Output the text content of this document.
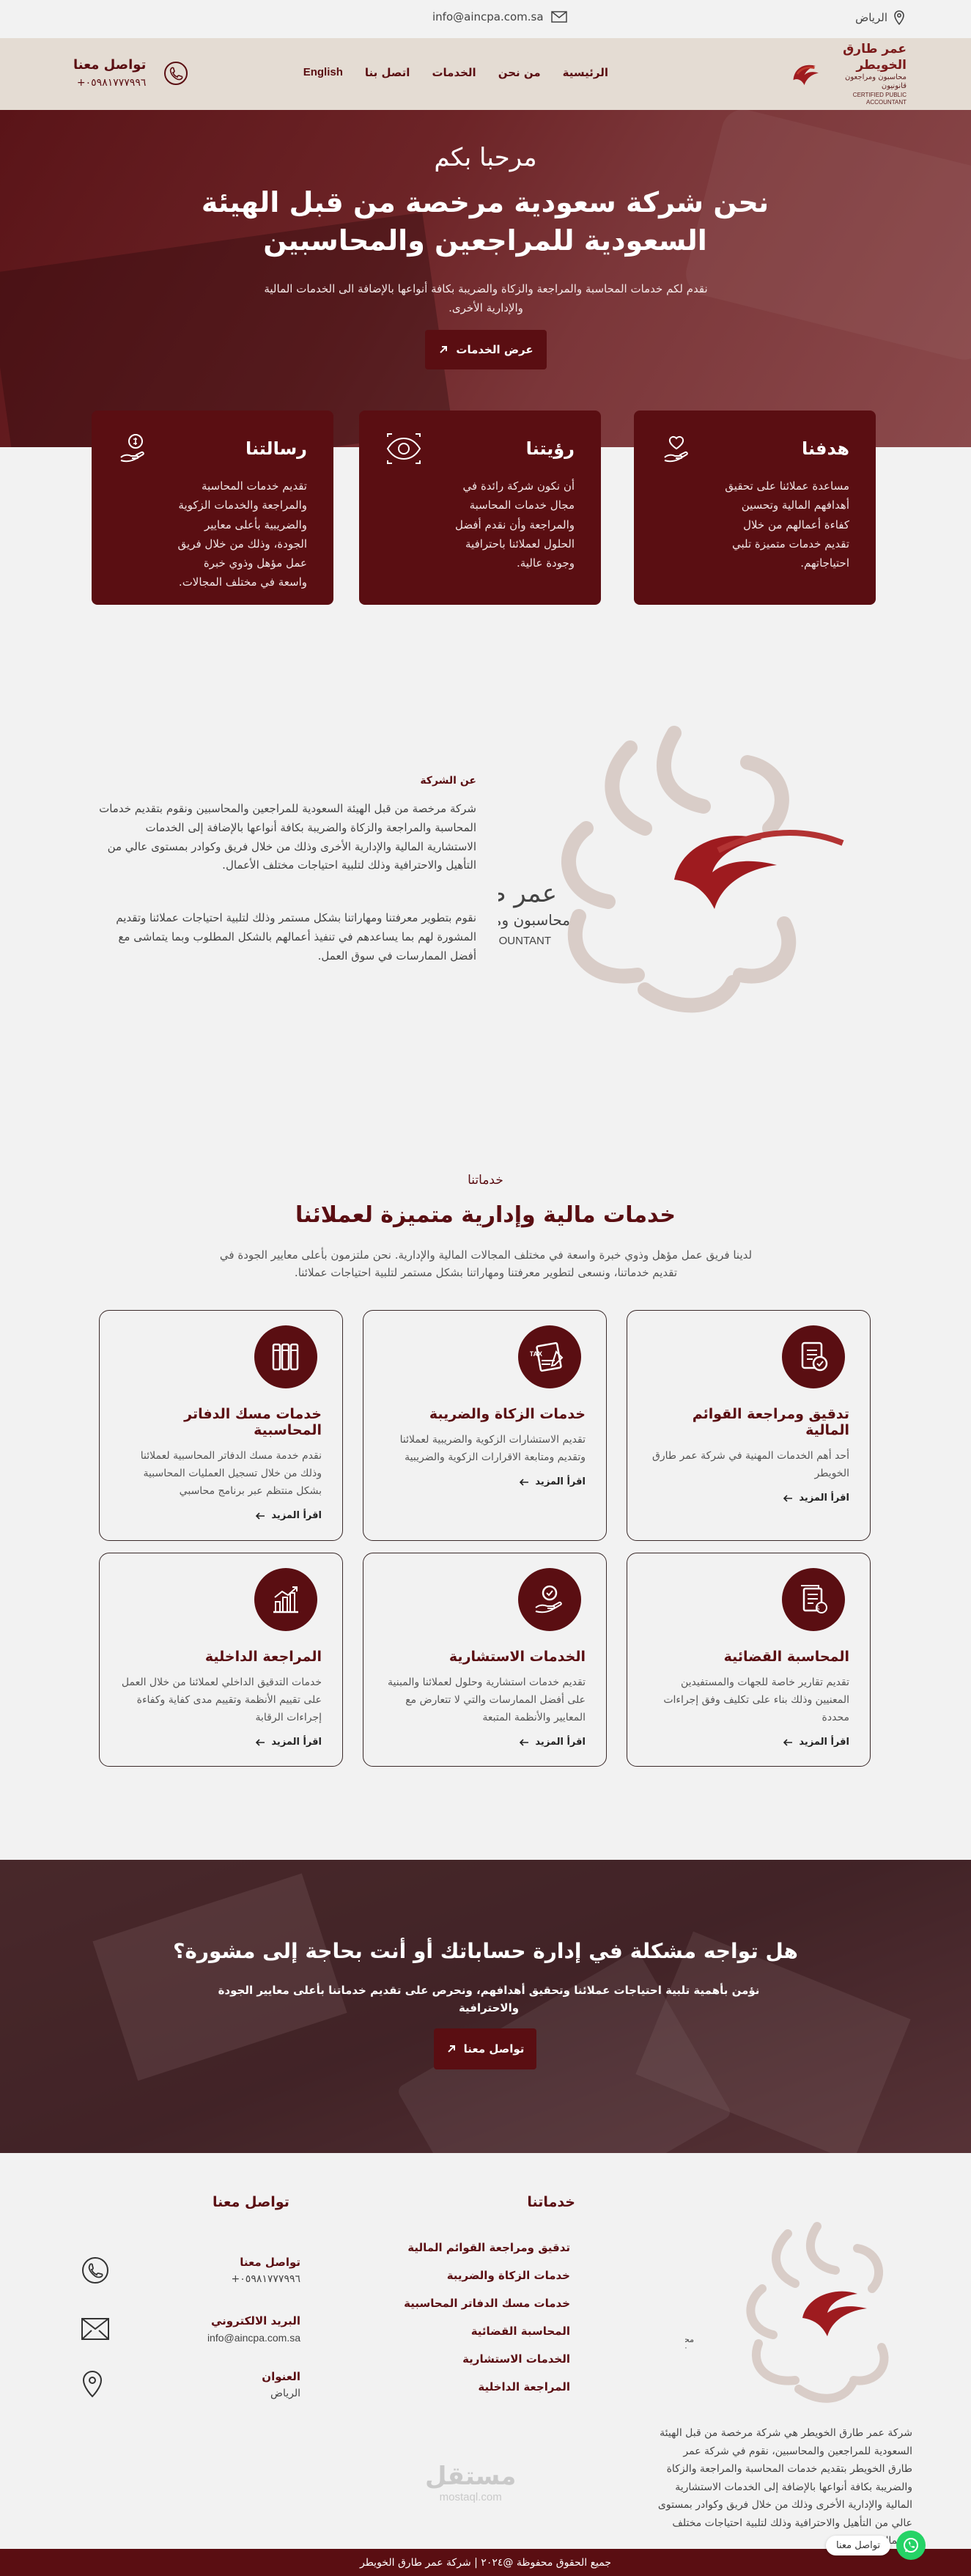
الرياض
info@aincpa.com.sa
عمر طارق الخويطر
محاسبون ومراجعون قانونيون
CERTIFIED PUBLIC ACCOUNTANT
الرئيسية
من نحن
الخدمات
اتصل بنا
English
تواصل معنا
٠٥٩٨١٧٧٧٩٩٦+
مرحبا بكم
نحن شركة سعودية مرخصة من قبل الهيئة السعودية للمراجعين والمحاسبين
نقدم لكم خدمات المحاسبة والمراجعة والزكاة والضريبة بكافة أنواعها بالإضافة الى الخدمات المالية والإدارية الأخرى.
عرض الخدمات
هدفنا

مساعدة عملائنا على تحقيق أهدافهم المالية وتحسين كفاءة أعمالهم من خلال تقديم خدمات متميزة تلبي احتياجاتهم.

رؤيتنا

أن نكون شركة رائدة في مجال خدمات المحاسبة والمراجعة وأن نقدم أفضل الحلول لعملائنا باحترافية وجودة عالية.

رسالتنا

تقديم خدمات المحاسبة والمراجعة والخدمات الزكوية والضريبية بأعلى معايير الجودة، وذلك من خلال فريق عمل مؤهل وذوي خبرة واسعة في مختلف المجالات.

عمر
محاسبون و
OUNTANT
عن الشركة

شركة مرخصة من قبل الهيئة السعودية للمراجعين والمحاسبين ونقوم بتقديم خدمات المحاسبة والمراجعة والزكاة والضريبة بكافة أنواعها بالإضافة إلى الخدمات الاستشارية المالية والإدارية الأخرى وذلك من خلال فريق وكوادر بمستوى عالي من التأهيل والاحترافية وذلك لتلبية احتياجات مختلف الأعمال.

نقوم بتطوير معرفتنا ومهاراتنا بشكل مستمر وذلك لتلبية احتياجات عملائنا وتقديم المشورة لهم بما يساعدهم في تنفيذ أعمالهم بالشكل المطلوب وبما يتماشى مع أفضل الممارسات في سوق العمل.

خدماتنا
خدمات مالية وإدارية متميزة لعملائنا
لدينا فريق عمل مؤهل وذوي خبرة واسعة في مختلف المجالات المالية والإدارية. نحن ملتزمون بأعلى معايير الجودة في تقديم خدماتنا، ونسعى لتطوير معرفتنا ومهاراتنا بشكل مستمر لتلبية احتياجات عملائنا.
تدقيق ومراجعة القوائم المالية

أحد أهم الخدمات المهنية في شركة عمر طارق الخويطر

اقرأ المزيد
TAX
خدمات الزكاة والضريبة

تقديم الاستشارات الزكوية والضريبية لعملائنا وتقديم ومتابعة الاقرارات الزكوية والضريبية

اقرأ المزيد
خدمات مسك الدفاتر المحاسبية

نقدم خدمة مسك الدفاتر المحاسبية لعملائنا وذلك من خلال تسجيل العمليات المحاسبية بشكل منتظم عبر برنامج محاسبي

اقرأ المزيد
$
المحاسبة القضائية

تقديم تقارير خاصة للجهات والمستفيدين المعنيين وذلك بناء على تكليف وفق إجراءات محددة

اقرأ المزيد
الخدمات الاستشارية

تقديم خدمات استشارية وحلول لعملائنا والمبنية على أفضل الممارسات والتي لا تتعارض مع المعايير والأنظمة المتبعة

اقرأ المزيد
المراجعة الداخلية

خدمات التدقيق الداخلي لعملائنا من خلال العمل على تقييم الأنظمة وتقييم مدى كفاية وكفاءة إجراءات الرقابة

اقرأ المزيد
هل تواجه مشكلة في إدارة حساباتك أو أنت بحاجة إلى مشورة؟
نؤمن بأهمية تلبية احتياجات عملائنا وتحقيق أهدافهم، ونحرص على تقديم خدماتنا بأعلى معايير الجودة والاحترافية
تواصل معنا
مح
شركة عمر طارق الخويطر هي شركة مرخصة من قبل الهيئة السعودية للمراجعين والمحاسبين، نقوم في شركة عمر طارق الخويطر بتقديم خدمات المحاسبة والمراجعة والزكاة والضريبة بكافة أنواعها بالإضافة إلى الخدمات الاستشارية المالية والإدارية الأخرى وذلك من خلال فريق وكوادر بمستوى عالي من التأهيل والاحترافية وذلك لتلبية احتياجات مختلف
خدماتنا
تدقيق ومراجعة القوائم المالية
خدمات الزكاة والضريبة
خدمات مسك الدفاتر المحاسبية
المحاسبة القضائية
الخدمات الاستشارية
المراجعة الداخلية
تواصل معنا
تواصل معنا
٠٥٩٨١٧٧٧٩٩٦+
البريد الالكتروني
info@aincpa.com.sa
العنوان
الرياض
مستقل
mostaql.com
جميع الحقوق محفوظة @٢٠٢٤ | شركة عمر طارق الخويطر
تواصل معنا
